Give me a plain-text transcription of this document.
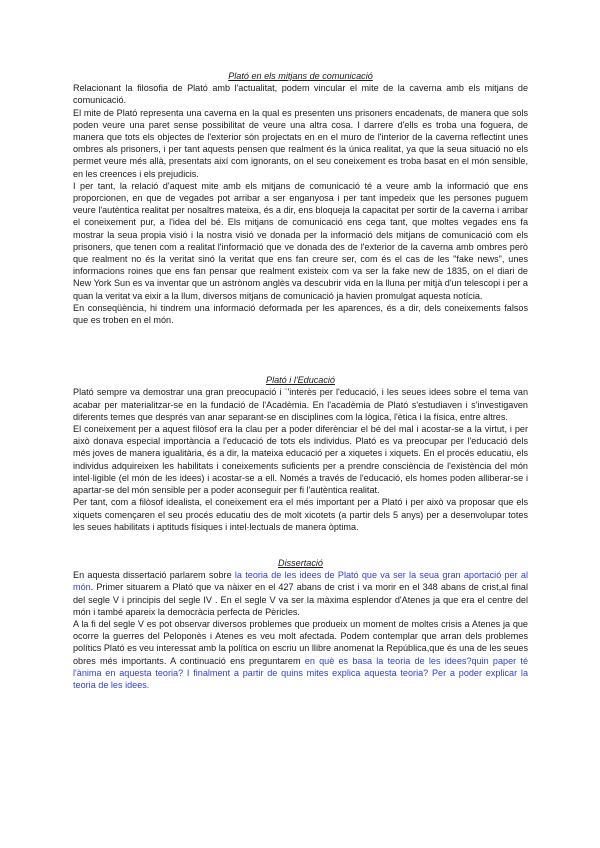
Plató en els mitjans de comunicació

Relacionant la filosofia de Plató amb l'actualitat, podem vincular el mite de la caverna amb els mitjans de comunicació.

El mite de Plató representa una caverna en la qual es presenten uns prisoners encadenats, de manera que sols poden veure una paret sense possibilitat de veure una altra cosa. I darrere d'ells es troba una foguera, de manera que tots els objectes de l'exterior són projectats en en el muro de l'interior de la caverna reflectint unes ombres als prisoners, i per tant aquests pensen que realment és la única realitat, ya que la seua situació no els permet veure més allà, presentats així com ignorants, on el seu coneixement es troba basat en el món sensible, en les creences i els prejudicis.

I per tant, la relació d'aquest mite amb els mitjans de comunicació té a veure amb la informació que ens proporcionen, en que de vegades pot arribar a ser enganyosa i per tant impedeix que les persones puguem veure l'autèntica realitat per nosaltres mateixa, és a dir, ens bloqueja la capacitat per sortir de la caverna i arribar el coneixement pur, a l'idea del bé. Els mitjans de comunicació ens cega tant, que moltes vegades ens fa mostrar la seua propia visió i la nostra visió ve donada per la informació dels mitjans de comunicació com els prisoners, que tenen com a realitat l'informació que ve donada des de l'exterior de la caverna amb ombres però que realment no és la veritat sinó la veritat que ens fan creure ser, com és el cas de les "fake news", unes informacions roines que ens fan pensar que realment existeix com va ser la fake new de 1835, on el diari de New York Sun es va inventar que un astrònom anglès va descubrir vida en la lluna per mitjà d'un telescopi i per a quan la veritat va eixir a la llum, diversos mitjans de comunicació ja havien promulgat aquesta notícia.

En conseqüència, hi tindrem una informació deformada per les aparences, és a dir, dels coneixements falsos que es troben en el món.

Plató i l'Educació

Plató sempre va demostrar una gran preocupació i ¨'interès per l'educació, i les seues idees sobre el tema van acabar per materialitzar-se en la fundació de l'Acadèmia. En l'acadèmia de Plató s'estudiaven i s'investigaven diferents temes que després van anar separant-se en disciplines com la lògica, l'ètica i la física, entre altres.

El coneixement per a aquest filòsof era la clau per a poder diferènciar el bé del mal i acostar-se a la virtut, i per això donava especial importància a l'educació de tots els individus. Plató es va preocupar per l'educació dels més joves de manera igualitària, és a dir, la mateixa educació per a xiquetes i xiquets. En el procés educatiu, els individus adquireixen les habilitats i coneixements suficients per a prendre consciència de l'existència del món intel·ligible (el món de les idees) i acostar-se a ell. Només a través de l'educació, els homes poden alliberar-se i apartar-se del món sensible per a poder aconseguir per fi l'autèntica realitat.

Per tant, com a filòsof idealista, el coneixement era el més important per a Plató i per això va proposar que els xiquets començaren el seu procés educatiu des de molt xicotets (a partir dels 5 anys) per a desenvolupar totes les seues habilitats i aptituds físiques i intel·lectuals de manera òptima.

Dissertació

En aquesta dissertació parlarem sobre la teoria de les idees de Plató que va ser la seua gran aportació per al món. Primer situarem a Plató que va nàixer en el 427 abans de crist i va morir en el 348 abans de crist,al final del segle V i principis del segle IV . En el segle V va ser la màxima esplendor d'Atenes ja que era el centre del món i també apareix la democràcia perfecta de Pèricles.

A la fi del segle V es pot observar diversos problemes que produeix un moment de moltes crisis a Atenes ja que ocorre la guerres del Peloponès i Atenes es veu molt afectada. Podem contemplar que arran dels problemes polítics Plató es veu interessat amb la política on escriu un llibre anomenat la República,que és una de les seues obres més importants. A continuació ens preguntarem en què es basa la teoria de les idees?quin paper té l'ànima en aquesta teoria? I finalment a partir de quins mites explica aquesta teoria? Per a poder explicar la teoria de les idees.
